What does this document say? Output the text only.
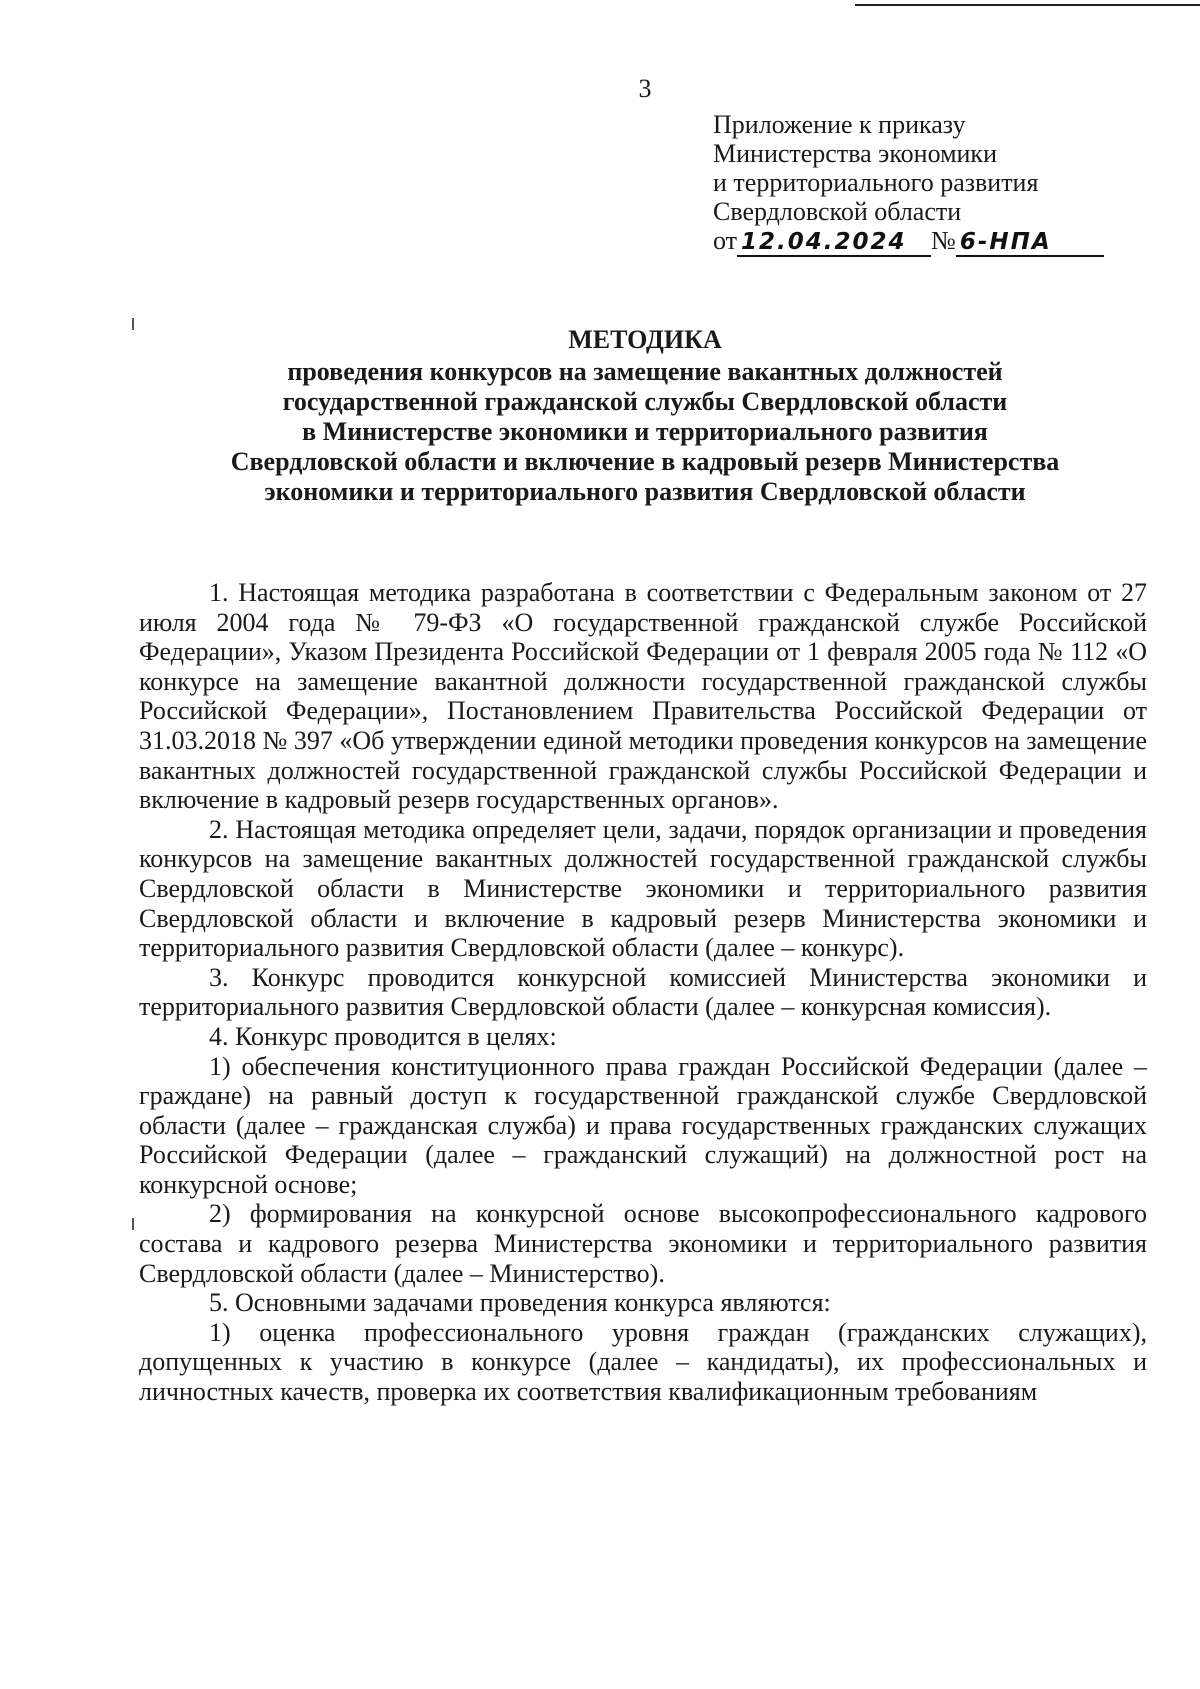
3
Приложение к приказу
Министерства экономики
и территориального развития
Свердловской области
от 12.04.2024 № 6-НПА
МЕТОДИКА
проведения конкурсов на замещение вакантных должностей
государственной гражданской службы Свердловской области
в Министерстве экономики и территориального развития
Свердловской области и включение в кадровый резерв Министерства
экономики и территориального развития Свердловской области

1. Настоящая методика разработана в соответствии с Федеральным законом от 27 июля 2004 года № 79-ФЗ «О государственной гражданской службе Российской Федерации», Указом Президента Российской Федерации от 1 февраля 2005 года № 112 «О конкурсе на замещение вакантной должности государственной гражданской службы Российской Федерации», Постановлением Правительства Российской Федерации от 31.03.2018 № 397 «Об утверждении единой методики проведения конкурсов на замещение вакантных должностей государственной гражданской службы Российской Федерации и включение в кадровый резерв государственных органов».

2. Настоящая методика определяет цели, задачи, порядок организации и проведения конкурсов на замещение вакантных должностей государственной гражданской службы Свердловской области в Министерстве экономики и территориального развития Свердловской области и включение в кадровый резерв Министерства экономики и территориального развития Свердловской области (далее – конкурс).

3. Конкурс проводится конкурсной комиссией Министерства экономики и территориального развития Свердловской области (далее – конкурсная комиссия).

4. Конкурс проводится в целях:

1) обеспечения конституционного права граждан Российской Федерации (далее – граждане) на равный доступ к государственной гражданской службе Свердловской области (далее – гражданская служба) и права государственных гражданских служащих Российской Федерации (далее – гражданский служащий) на должностной рост на конкурсной основе;

2) формирования на конкурсной основе высокопрофессионального кадрового состава и кадрового резерва Министерства экономики и территориального развития Свердловской области (далее – Министерство).

5. Основными задачами проведения конкурса являются:

1) оценка профессионального уровня граждан (гражданских служащих), допущенных к участию в конкурсе (далее – кандидаты), их профессиональных и личностных качеств, проверка их соответствия квалификационным требованиям
